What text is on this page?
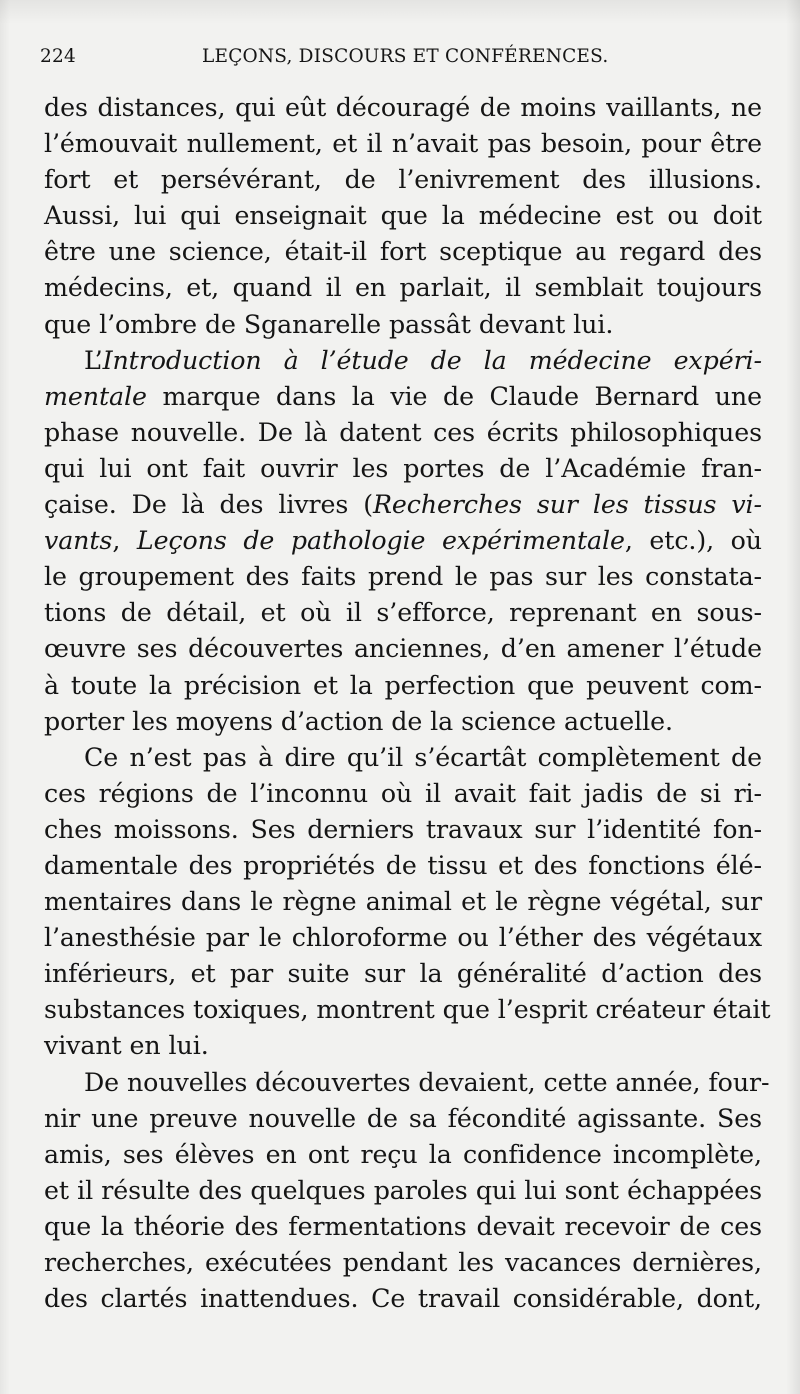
224	LEÇONS, DISCOURS ET CONFÉRENCES.
des distances, qui eût découragé de moins vaillants, ne
l’émouvait nullement, et il n’avait pas besoin, pour être
fort et persévérant, de l’enivrement des illusions.
Aussi, lui qui enseignait que la médecine est ou doit
être une science, était-il fort sceptique au regard des
médecins, et, quand il en parlait, il semblait toujours
que l’ombre de Sganarelle passât devant lui.
L’Introduction à l’étude de la médecine expéri-
mentale marque dans la vie de Claude Bernard une
phase nouvelle. De là datent ces écrits philosophiques
qui lui ont fait ouvrir les portes de l’Académie fran-
çaise. De là des livres (Recherches sur les tissus vi-
vants, Leçons de pathologie expérimentale, etc.), où
le groupement des faits prend le pas sur les constata-
tions de détail, et où il s’efforce, reprenant en sous-
œuvre ses découvertes anciennes, d’en amener l’étude
à toute la précision et la perfection que peuvent com-
porter les moyens d’action de la science actuelle.
Ce n’est pas à dire qu’il s’écartât complètement de
ces régions de l’inconnu où il avait fait jadis de si ri-
ches moissons. Ses derniers travaux sur l’identité fon-
damentale des propriétés de tissu et des fonctions élé-
mentaires dans le règne animal et le règne végétal, sur
l’anesthésie par le chloroforme ou l’éther des végétaux
inférieurs, et par suite sur la généralité d’action des
substances toxiques, montrent que l’esprit créateur était
vivant en lui.
De nouvelles découvertes devaient, cette année, four-
nir une preuve nouvelle de sa fécondité agissante. Ses
amis, ses élèves en ont reçu la confidence incomplète,
et il résulte des quelques paroles qui lui sont échappées
que la théorie des fermentations devait recevoir de ces
recherches, exécutées pendant les vacances dernières,
des clartés inattendues. Ce travail considérable, dont,
